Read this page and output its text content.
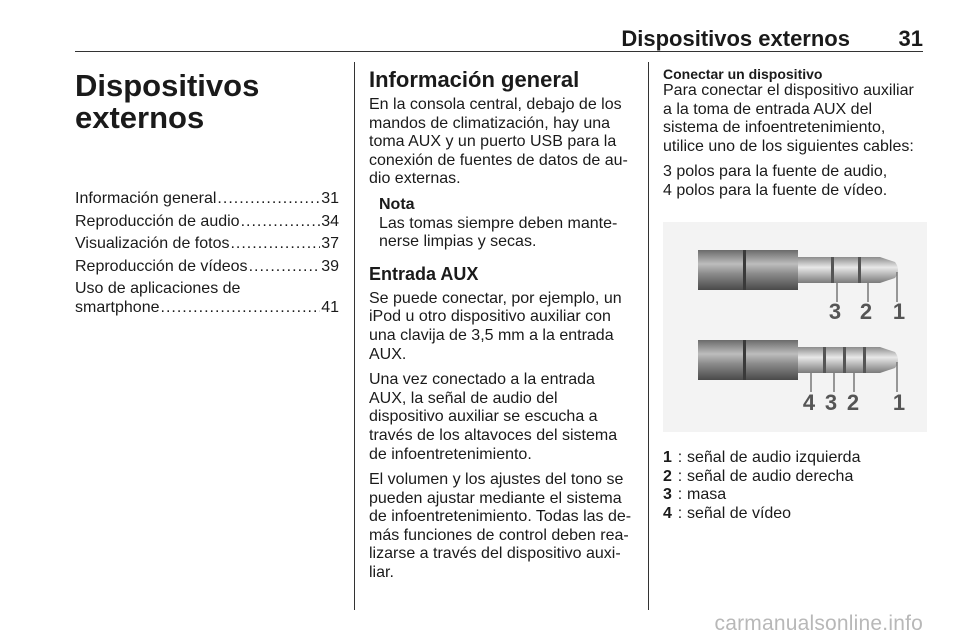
Dispositivos externos 31
Dispositivos
externos
Información general .....	31
Reproducción de audio .....	34
Visualización de fotos .....	37
Reproducción de vídeos .....	39
Uso de aplicaciones de
smartphone .....	41
Información general

En la consola central, debajo de los mandos de climatización, hay una toma AUX y un puerto USB para la conexión de fuentes de datos de audio externas.

Nota
Las tomas siempre deben mantenerse limpias y secas.
Entrada AUX

Se puede conectar, por ejemplo, un iPod u otro dispositivo auxiliar con una clavija de 3,5 mm a la entrada AUX.

Una vez conectado a la entrada AUX, la señal de audio del dispositivo auxiliar se escucha a través de los altavoces del sistema de infoentretenimiento.

El volumen y los ajustes del tono se pueden ajustar mediante el sistema de infoentretenimiento. Todas las demás funciones de control deben realizarse a través del dispositivo auxiliar.

Conectar un dispositivo

Para conectar el dispositivo auxiliar a la toma de entrada AUX del sistema de infoentretenimiento, utilice uno de los siguientes cables:

3 polos para la fuente de audio,
4 polos para la fuente de vídeo.

3 2 1
4 3 2 1
1 : señal de audio izquierda
2 : señal de audio derecha
3 : masa
4 : señal de vídeo
carmanualsonline.info
